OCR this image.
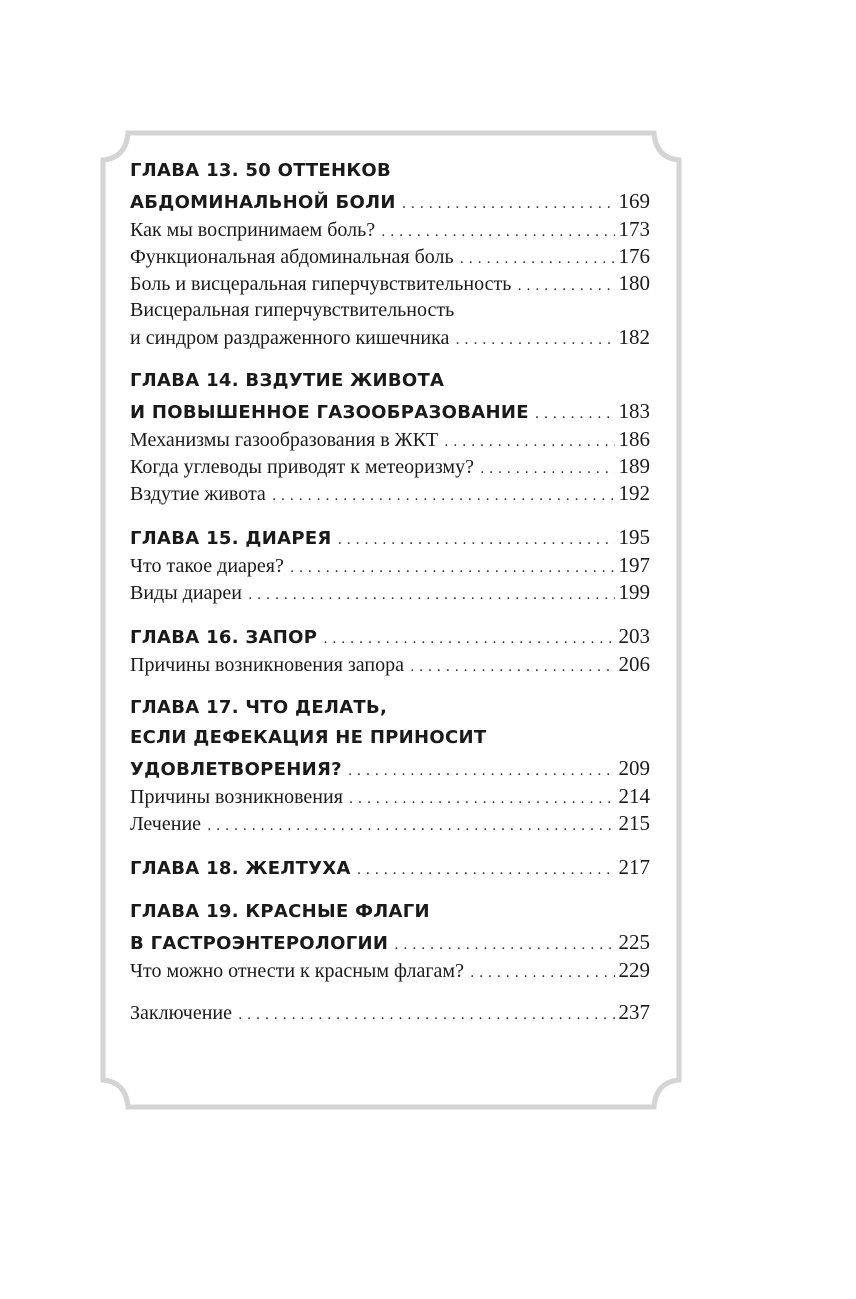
ГЛАВА 13. 50 ОТТЕНКОВ
АБДОМИНАЛЬНОЙ БОЛИ . . .	169
Как мы воспринимаем боль? . . .	173
Функциональная абдоминальная боль . . .	176
Боль и висцеральная гиперчувствительность . . .	180
Висцеральная гиперчувствительность
и синдром раздраженного кишечника . . .	182
ГЛАВА 14. ВЗДУТИЕ ЖИВОТА
И ПОВЫШЕННОЕ ГАЗООБРАЗОВАНИЕ . . .	183
Механизмы газообразования в ЖКТ . . .	186
Когда углеводы приводят к метеоризму? . . .	189
Вздутие живота . . .	192
ГЛАВА 15. ДИАРЕЯ . . .	195
Что такое диарея? . . .	197
Виды диареи . . .	199
ГЛАВА 16. ЗАПОР . . .	203
Причины возникновения запора . . .	206
ГЛАВА 17. ЧТО ДЕЛАТЬ,
ЕСЛИ ДЕФЕКАЦИЯ НЕ ПРИНОСИТ
УДОВЛЕТВОРЕНИЯ? . . .	209
Причины возникновения . . .	214
Лечение . . .	215
ГЛАВА 18. ЖЕЛТУХА . . .	217
ГЛАВА 19. КРАСНЫЕ ФЛАГИ
В ГАСТРОЭНТЕРОЛОГИИ . . .	225
Что можно отнести к красным флагам? . . .	229
Заключение . . .	237
